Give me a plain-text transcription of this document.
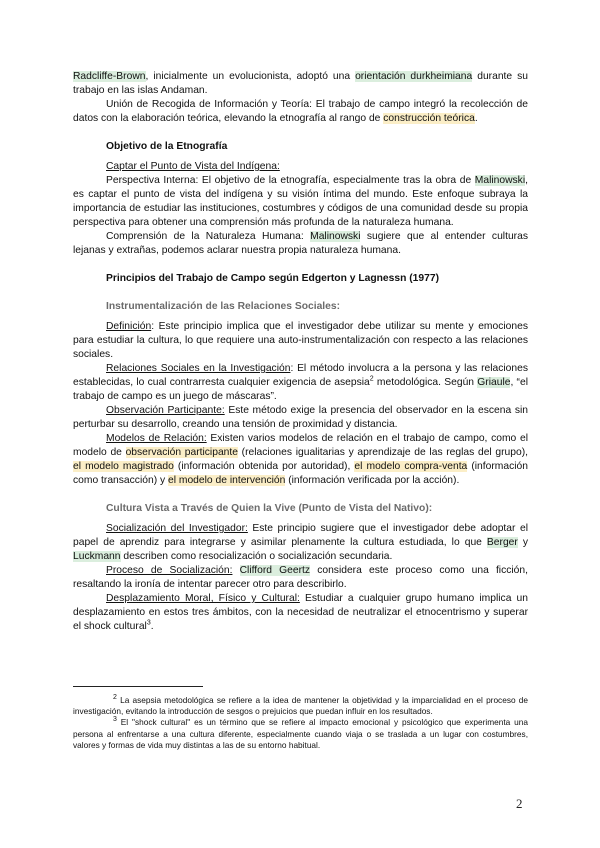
Radcliffe-Brown, inicialmente un evolucionista, adoptó una orientación durkheimiana durante su trabajo en las islas Andaman.

Unión de Recogida de Información y Teoría: El trabajo de campo integró la recolección de datos con la elaboración teórica, elevando la etnografía al rango de construcción teórica.

Objetivo de la Etnografía

Captar el Punto de Vista del Indígena:

Perspectiva Interna: El objetivo de la etnografía, especialmente tras la obra de Malinowski, es captar el punto de vista del indígena y su visión íntima del mundo. Este enfoque subraya la importancia de estudiar las instituciones, costumbres y códigos de una comunidad desde su propia perspectiva para obtener una comprensión más profunda de la naturaleza humana.

Comprensión de la Naturaleza Humana: Malinowski sugiere que al entender culturas lejanas y extrañas, podemos aclarar nuestra propia naturaleza humana.

Principios del Trabajo de Campo según Edgerton y Lagnessn (1977)
Instrumentalización de las Relaciones Sociales:

Definición: Este principio implica que el investigador debe utilizar su mente y emociones para estudiar la cultura, lo que requiere una auto-instrumentalización con respecto a las relaciones sociales.

Relaciones Sociales en la Investigación: El método involucra a la persona y las relaciones establecidas, lo cual contrarresta cualquier exigencia de asepsia$^2$ metodológica. Según Griaule, “el trabajo de campo es un juego de máscaras”.

Observación Participante: Este método exige la presencia del observador en la escena sin perturbar su desarrollo, creando una tensión de proximidad y distancia.

Modelos de Relación: Existen varios modelos de relación en el trabajo de campo, como el modelo de observación participante (relaciones igualitarias y aprendizaje de las reglas del grupo), el modelo magistrado (información obtenida por autoridad), el modelo compra-venta (información como transacción) y el modelo de intervención (información verificada por la acción).

Cultura Vista a Través de Quien la Vive (Punto de Vista del Nativo):

Socialización del Investigador: Este principio sugiere que el investigador debe adoptar el papel de aprendiz para integrarse y asimilar plenamente la cultura estudiada, lo que Berger y Luckmann describen como resocialización o socialización secundaria.

Proceso de Socialización: Clifford Geertz considera este proceso como una ficción, resaltando la ironía de intentar parecer otro para describirlo.

Desplazamiento Moral, Físico y Cultural: Estudiar a cualquier grupo humano implica un desplazamiento en estos tres ámbitos, con la necesidad de neutralizar el etnocentrismo y superar el shock cultural$^3$.

$^2$ La asepsia metodológica se refiere a la idea de mantener la objetividad y la imparcialidad en el proceso de investigación, evitando la introducción de sesgos o prejuicios que puedan influir en los resultados.

$^3$ El "shock cultural" es un término que se refiere al impacto emocional y psicológico que experimenta una persona al enfrentarse a una cultura diferente, especialmente cuando viaja o se traslada a un lugar con costumbres, valores y formas de vida muy distintas a las de su entorno habitual.

2
